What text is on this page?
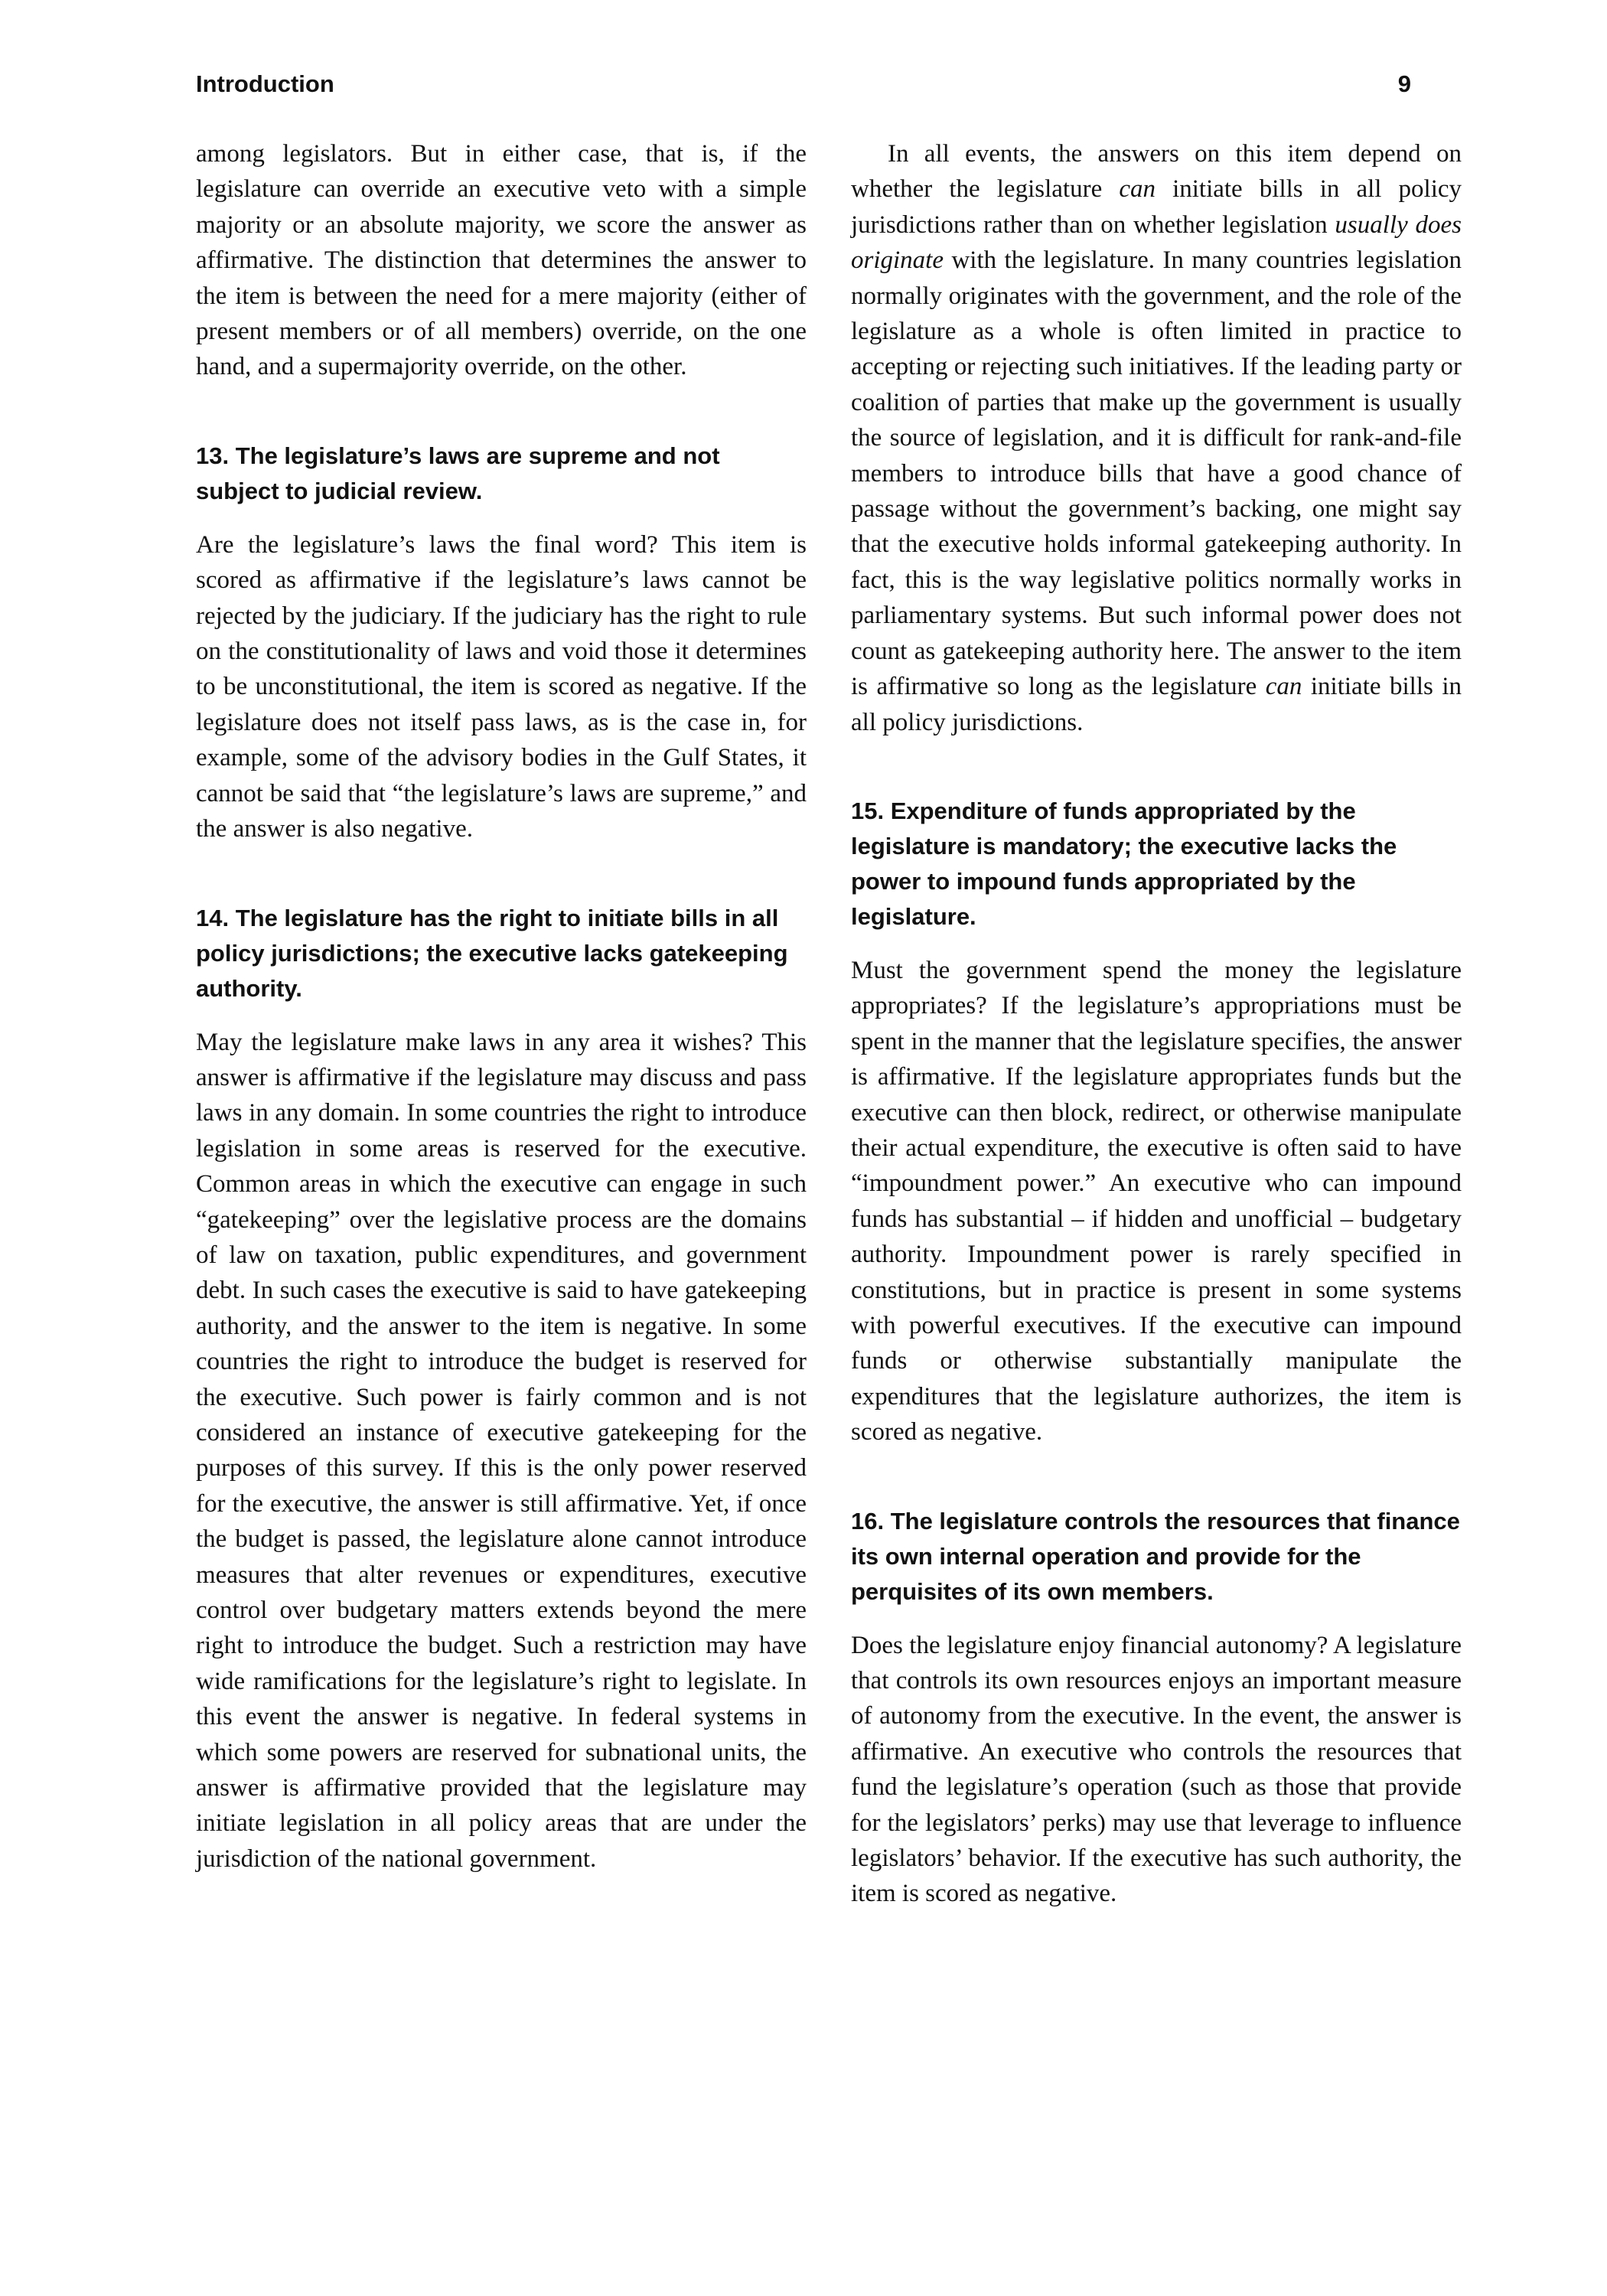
Introduction	9

among legislators. But in either case, that is, if the legislature can override an executive veto with a simple majority or an absolute majority, we score the answer as affirmative. The distinction that determines the answer to the item is between the need for a mere majority (either of present members or of all members) override, on the one hand, and a supermajority override, on the other.

13. The legislature’s laws are supreme and not subject to judicial review.

Are the legislature’s laws the final word? This item is scored as affirmative if the legislature’s laws cannot be rejected by the judiciary. If the judiciary has the right to rule on the constitutionality of laws and void those it determines to be unconstitutional, the item is scored as negative. If the legislature does not itself pass laws, as is the case in, for example, some of the advisory bodies in the Gulf States, it cannot be said that “the legislature’s laws are supreme,” and the answer is also negative.

14. The legislature has the right to initiate bills in all policy jurisdictions; the executive lacks gatekeeping authority.

May the legislature make laws in any area it wishes? This answer is affirmative if the legislature may discuss and pass laws in any domain. In some countries the right to introduce legislation in some areas is reserved for the executive. Common areas in which the executive can engage in such “gatekeeping” over the legislative process are the domains of law on taxation, public expenditures, and government debt. In such cases the executive is said to have gatekeeping authority, and the answer to the item is negative. In some countries the right to introduce the budget is reserved for the executive. Such power is fairly common and is not considered an instance of executive gatekeeping for the purposes of this survey. If this is the only power reserved for the executive, the answer is still affirmative. Yet, if once the budget is passed, the legislature alone cannot introduce measures that alter revenues or expenditures, executive control over budgetary matters extends beyond the mere right to introduce the budget. Such a restriction may have wide ramifications for the legislature’s right to legislate. In this event the answer is negative. In federal systems in which some powers are reserved for subnational units, the answer is affirmative provided that the legislature may initiate legislation in all policy areas that are under the jurisdiction of the national government.

In all events, the answers on this item depend on whether the legislature can initiate bills in all policy jurisdictions rather than on whether legislation usually does originate with the legislature. In many countries legislation normally originates with the government, and the role of the legislature as a whole is often limited in practice to accepting or rejecting such initiatives. If the leading party or coalition of parties that make up the government is usually the source of legislation, and it is difficult for rank-and-file members to introduce bills that have a good chance of passage without the government’s backing, one might say that the executive holds informal gatekeeping authority. In fact, this is the way legislative politics normally works in parliamentary systems. But such informal power does not count as gatekeeping authority here. The answer to the item is affirmative so long as the legislature can initiate bills in all policy jurisdictions.

15. Expenditure of funds appropriated by the legislature is mandatory; the executive lacks the power to impound funds appropriated by the legislature.

Must the government spend the money the legislature appropriates? If the legislature’s appropriations must be spent in the manner that the legislature specifies, the answer is affirmative. If the legislature appropriates funds but the executive can then block, redirect, or otherwise manipulate their actual expenditure, the executive is often said to have “impoundment power.” An executive who can impound funds has substantial – if hidden and unofficial – budgetary authority. Impoundment power is rarely specified in constitutions, but in practice is present in some systems with powerful executives. If the executive can impound funds or otherwise substantially manipulate the expenditures that the legislature authorizes, the item is scored as negative.

16. The legislature controls the resources that finance its own internal operation and provide for the perquisites of its own members.

Does the legislature enjoy financial autonomy? A legislature that controls its own resources enjoys an important measure of autonomy from the executive. In the event, the answer is affirmative. An executive who controls the resources that fund the legislature’s operation (such as those that provide for the legislators’ perks) may use that leverage to influence legislators’ behavior. If the executive has such authority, the item is scored as negative.
